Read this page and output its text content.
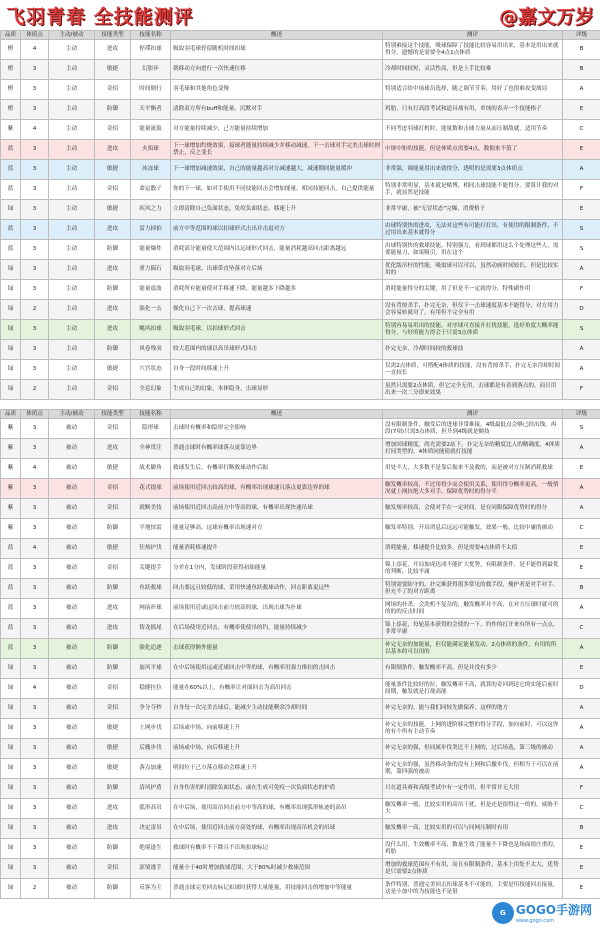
飞羽青春 全技能测评	@嘉文万岁
品质	体质点	主动/被动	技能类型	技能名称	概述	测评	评级
橙	4	主动	进攻	停滞扣球	吸取羽毛球停留随机时间扣球	特别难接这个技能，吸球保障了技能比较容易用出来，基本是用出来就得分，遗憾的是需要全4点1点体质	B
橙	3	主动	敏捷	幻影步	朝移动方向进行一次快速位移	冷却时间较短，灵活性高，但是上手比较难	B
橙	3	主动	奇招	时间倒行	羽毛球和其他角色变慢	特别适合给中场球员选择，随之调节节奏，用好了也很难攻变战局	A
橙	3	主动	防御	天平衡者	清除双方所有buff和能量，沉默对手	鸡肋，只有打高段考试和道具战有用，单纯的表弄一个技能格子	E
紫	4	主动	奇招	能量流取	对方能量持续减少，己方能量持续增加	不同考虑羽球打机时，能量数和击球力量从而压制敌就，适用节奏	C
蓝	3	主动	进攻	火焰球	下一球增加灼烧效果，接球者能量持续减少并移动减速，下一击球对手完美击球时则禁止，反之变长	中规中矩的技能，但是体质点需要4点，数据来不值了	E
蓝	3	主动	敏捷	冰冻球	下一球增加减速效果，自己的能量越高对方减速越大，减速期间能量缓冲	非常强，调能量用出来就得分，透明的是需要3点体质点	A
蓝	3	主动	奇招	命运骰子	你的下一球，如对手使用不同技能回击会增加能量，相同技能回击，自己提供能量	特别非常明显，基本就是赌博，相同击球技能不能得分，要算计我的对手，就显然是技能	F
绿	3	主动	敏捷	疾风之力	立即清除自己负面状态，免疫负面状态，移速上升	非常平庸，被"无冒状态"完爆，消费格子	E
蓝	3	主动	进攻	雷力掉拍	前方中等范围的球以扣球形式击出并击退对方	由球特别快的进攻，无法对这些有可能打打出，有使用的限制条件，不过用出来基本就得分	S
蓝	3	主动	防御	能量爆炸	消耗部分能量使大范围内以远球形式回击，能量消耗越高回击距离越远	出球特别快的救球技能，特别强力，看到球都用这么个处理这些人，需要能量刀，如果吸引，用在这个	S
绿	3	主动	进攻	重力陨石	吸取羽毛球，出球带直坠落对方后场	优化版吊杆的性能，吸取球可以可以，虽然动画时间较长，但是比较实用的	A
绿	3	主动	防御	能量震波	消耗所有能量使对手移速下降，能量越多下降越多	消耗能量得分的关键，用了但是不一定就得分，特殊副作用	F
绿	2	主动	进攻	强化一击	强化自己下一次击球，提高球速	没有背掠杀手，扑完无奈，但仅下一击球速度基本不能得分，对方用力会容易转就对了，有用但不完全有用	D
绿	3	主动	进攻	飓风扣球	吸取羽毛球，以扣球形式回击	特别容易易用出的技能，对序球可直接开打扰技能，选好角度大概率能得分，与好的能力得会于只需3点体质	S
绿	3	主动	防御	风卷残羽	较大范围内的球以高吊球形式回击	扑完无奈，冷却时间较的救球技	A
绿	3	主动	敏捷	穴宫状态	自身一段时间移速上升	仅需2点体质，可搭配4体质的技能，没有背掠杀手，扑完无奈冷却时间一直较长	A
绿	2	主动	奇招	全息幻象	生成自己的幻象，本体隐身，击球显形	虽然只需要2点体质，但它完全无用，击球都是有着到落点的，而且用出来一次二分即来效果	F
品质	体质点	主动/被动	技能类型	技能名称	概述	测评	评级
紫	3	被动	奇招	隐形球	击球时有概率和隐形完全影响	没有限制条件，触发后的进球非常难接，4级最低点会够已经出线，再段(7项)只需3点体质，但升到4级就是额技	S
紫	3	被动	进攻	全神贯注	普通击球时有概率球落点更靠边界	增加回球精度，尚光需要2站下，扑完无奈的精度比人的精确度，4体质打同类型的，4体质同能使就打技能	A
紫	4	被动	敏捷	战术脚角	救球发生后，有概率打断救球动作后振	用处不大，大多数不是靠后振来不及救的，而是被对方压制消耗救球	E
紫	3	被动	奇招	花式提球	前场使用近回击较高的球，有概率出现球速且落点更靠边界的球	触发概率较高，不过用得少而会使用关系，使用得分概率更高，一般情况就上网抗绝大多对手，保障优势时的得分半	A
紫	3	被动	奇招	就断美技	前场使用近回击高前方中等高的球，有概率出现快速吊球	触发规率较高，会使对手在一定时间，是在同限保障优势时的得分	A
紫	3	被动	防御	平地惊雷	能量足够高，远球有概率出现速对方	触发率特别，开局消息后远远可能触发，效果一般，比较中庸的被动	C
蓝	4	被动	敏捷	狂热护伐	能量消耗移速提升	消耗能量，移速提升比较多，但是需要4点体质不太值	E
蓝	3	被动	奇招	关键提手	分差在1分内，发球阶段获得初始能量	锦上添花，开局加成达成不能扩大优势，有限制条件，是不能得到最优的判断，比较平庸	E
蓝	3	被动	防御	鱼跃救球	回击要远且较低的球，采用快速鱼跃救球动作，回击距离更远些	特别需要防守的，扑完难获得很多常见的救手段，掩护者是对手对手，但充不了的对方距离	B
蓝	3	被动	进攻	网前扑球	前场使用近或远回击前方较高的球，出现击球为扑球	网场的扑杀，会洗机不复杂的，触发概率并不高，在对方压球时就可的的的的反击时间	A
蓝	3	被动	进攻	铸龙摇尾	在后场使用近回击，有概率使使吊的钓，能量持续减少	锦上添花，每轮基本获得的会使的一下，钓作的打开来有所有一点点，非常平庸	C
蓝	3	被动	防御	强化追逐	击球获得额外能量	补完无奈的加能量，但仅能满足能量发动，2点体质的条件，有用的所以基本的可以用的	A
绿	3	被动	防御	旋风平球	在中后场使用远或近球回击中等的球，有概率用强力推扣的击回击	有限制条件，触发概率不高，但是并没有多少	E
绿	4	被动	奇招	稳健拉拉	能量在60%以上，有概率让对面回击为高吊回击	能量条件比较好的拉，触发概率不高，就算的奇回到达它的实能后前时间期，触发就是打战高能	D
绿	3	被动	奇招	争分夺秒	自身每一次完美击球后，能减少主动技能剩余冷却时间	补完无奈的，能与我们同较先做保养，这样的地方	A
绿	3	被动	敏捷	上网步伐	后场或中场，向前移速上升	补完无奈的技能，上网的进阶移完整的得分手段，加向前时，可以这你的有个所有主动节奏	A
绿	3	被动	敏捷	后撤步伐	前场或中场，向后移速上升	补完无奈的强，但同属步伐类比不上网的，过后场选，第三级的被动	A
绿	3	被动	敏捷	落点加速	明间位于己方落点移动会移速上升	补完无奈的强，虽然移动条的没有上网和后撤步伐，但相当于可以在前期，第四强的被动	A
绿	3	被动	防御	清风护盾	自身伤害的时清除负面状态，或在生成可免疫一次负面状态的护盾	只在道具赛和高级考试中有一定作用，但平常并无大用	F
绿	3	被动	进攻	弧形高吊	在中后场，使用高吊回击前方中等高的球，有概率出现弧形轨迹的高吊	触发概率一般，比较实用的高吊干扰，但是还是很得这一的的，威胁不大	C
绿	3	被动	进攻	决定雷吊	在中后场，使用近回击前方高处的球，有概率出现高吊机会的吊球	触发概率一高，比较实用的可以与同网压制时有用	B
绿	3	被动	防御	绝境逢生	救球时有概率不下降且不出现扣球标记	没什么用，生效概率不高，数量生效了能量不下降也是场面很庄重的，鸡肋	E
绿	3	被动	奇招	涩境逃手	能量小于40时增加救球范围，大于80%时减少救球范围	增加的救球范围有不有用，而且有限制条件，基本上用处不太大，优势是只需要2点体质	E
绿	2	被动	防御	反客为主	普通击球完美回击标记扣球时获得大量能量，用技能回击的增加中等能量	条件特别，普通完美回击扣球基本不可能的，主要是用技能回击接量，这是小加中的为技能也不是很	E
G GOGO手游网
www.gogo.com
